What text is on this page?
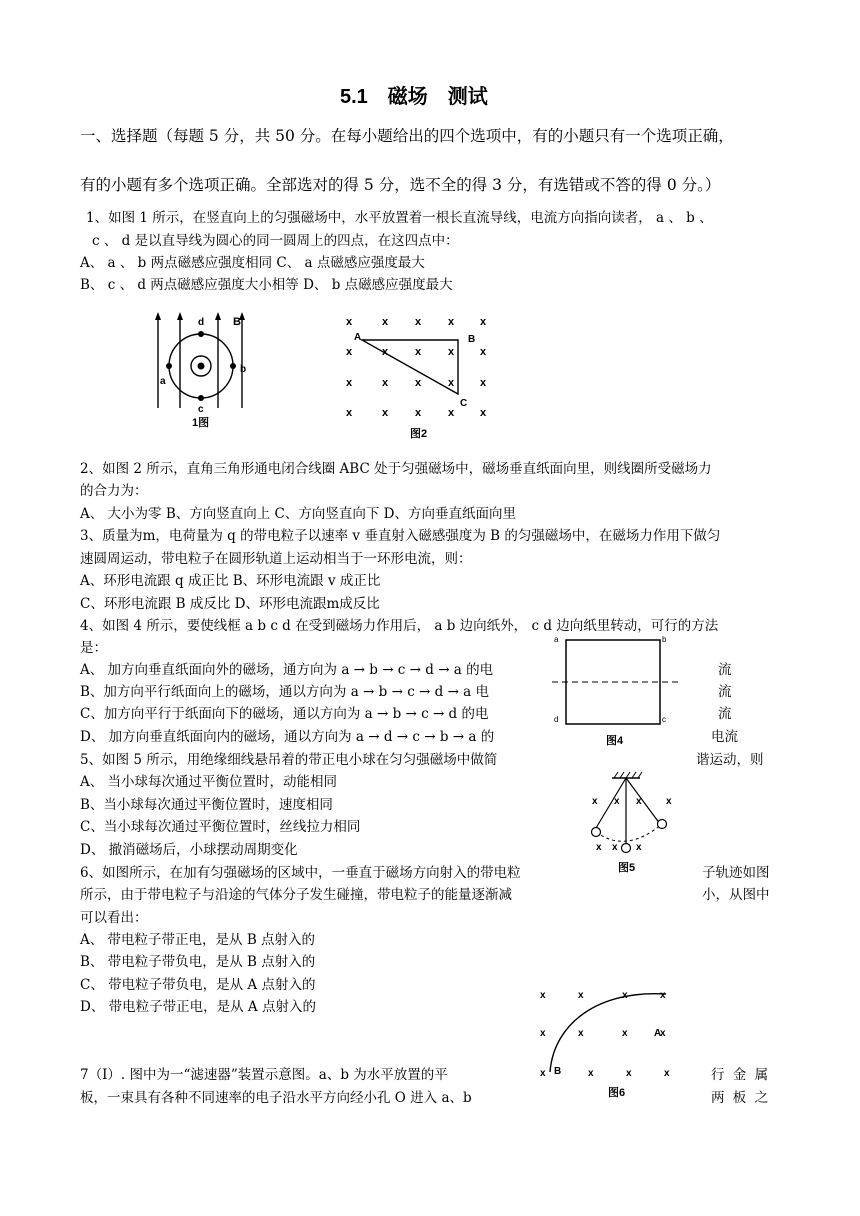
5.1　磁场　测试
一、选择题（每题 5 分，共 50 分。在每小题给出的四个选项中，有的小题只有一个选项正确，
有的小题有多个选项正确。全部选对的得 5 分，选不全的得 3 分，有选错或不答的得 0 分。）
1、如图 1 所示，在竖直向上的匀强磁场中，水平放置着一根长直流导线，电流方向指向读者， a 、 b 、
c 、 d 是以直导线为圆心的同一圆周上的四点，在这四点中：
A、 a 、 b 两点磁感应强度相同 C、 a 点磁感应强度最大
B、 c 、 d 两点磁感应强度大小相等 D、 b 点磁感应强度最大
d	B
a
b
c
1图
x	x x x x
x	x x x x
x	x x x x
x	x x x x
A	B
C
图2
2、如图 2 所示，直角三角形通电闭合线圈 ABC 处于匀强磁场中，磁场垂直纸面向里，则线圈所受磁场力
的合力为：
A、 大小为零 B、方向竖直向上 C、方向竖直向下 D、方向垂直纸面向里
3、质量为m，电荷量为 q 的带电粒子以速率 v 垂直射入磁感强度为 B 的匀强磁场中，在磁场力作用下做匀
速圆周运动，带电粒子在圆形轨道上运动相当于一环形电流，则：
A、环形电流跟 q 成正比 B、环形电流跟 v 成正比
C、环形电流跟 B 成反比 D、环形电流跟m成反比
4、如图 4 所示，要使线框 a b c d 在受到磁场力作用后， a b 边向纸外， c d 边向纸里转动，可行的方法
是：
A、 加方向垂直纸面向外的磁场，通方向为 a → b → c → d → a 的电
B、加方向平行纸面向上的磁场，通以方向为 a → b → c → d → a 电
C、加方向平行于纸面向下的磁场，通以方向为 a → b → c → d 的电
D、 加方向垂直纸面向内的磁场，通以方向为 a → d → c → b → a 的
流
流
流
电流
a	b
c
d
图4
5、如图 5 所示，用绝缘细线悬吊着的带正电小球在匀匀强磁场中做简	谐运动，则
A、 当小球每次通过平衡位置时，动能相同
B、当小球每次通过平衡位置时，速度相同
C、当小球每次通过平衡位置时，丝线拉力相同
D、 撤消磁场后，小球摆动周期变化
x x x x
x x x
图5
6、如图所示，在加有匀强磁场的区域中，一垂直于磁场方向射入的带电粒	子轨迹如图
所示，由于带电粒子与沿途的气体分子发生碰撞，带电粒子的能量逐渐减	小，从图中
可以看出：
A、 带电粒子带正电，是从 B 点射入的
B、 带电粒子带负电，是从 B 点射入的
C、 带电粒子带负电，是从 A 点射入的
D、 带电粒子带正电，是从 A 点射入的
x	x	x	x
x	x	x	x
x	x	x	x
B
A
图6
7（Ⅰ）. 图中为一“滤速器”装置示意图。a、b 为水平放置的平	行 金 属
板，一束具有各种不同速率的电子沿水平方向经小孔 O 进入 a、b	两 板 之
